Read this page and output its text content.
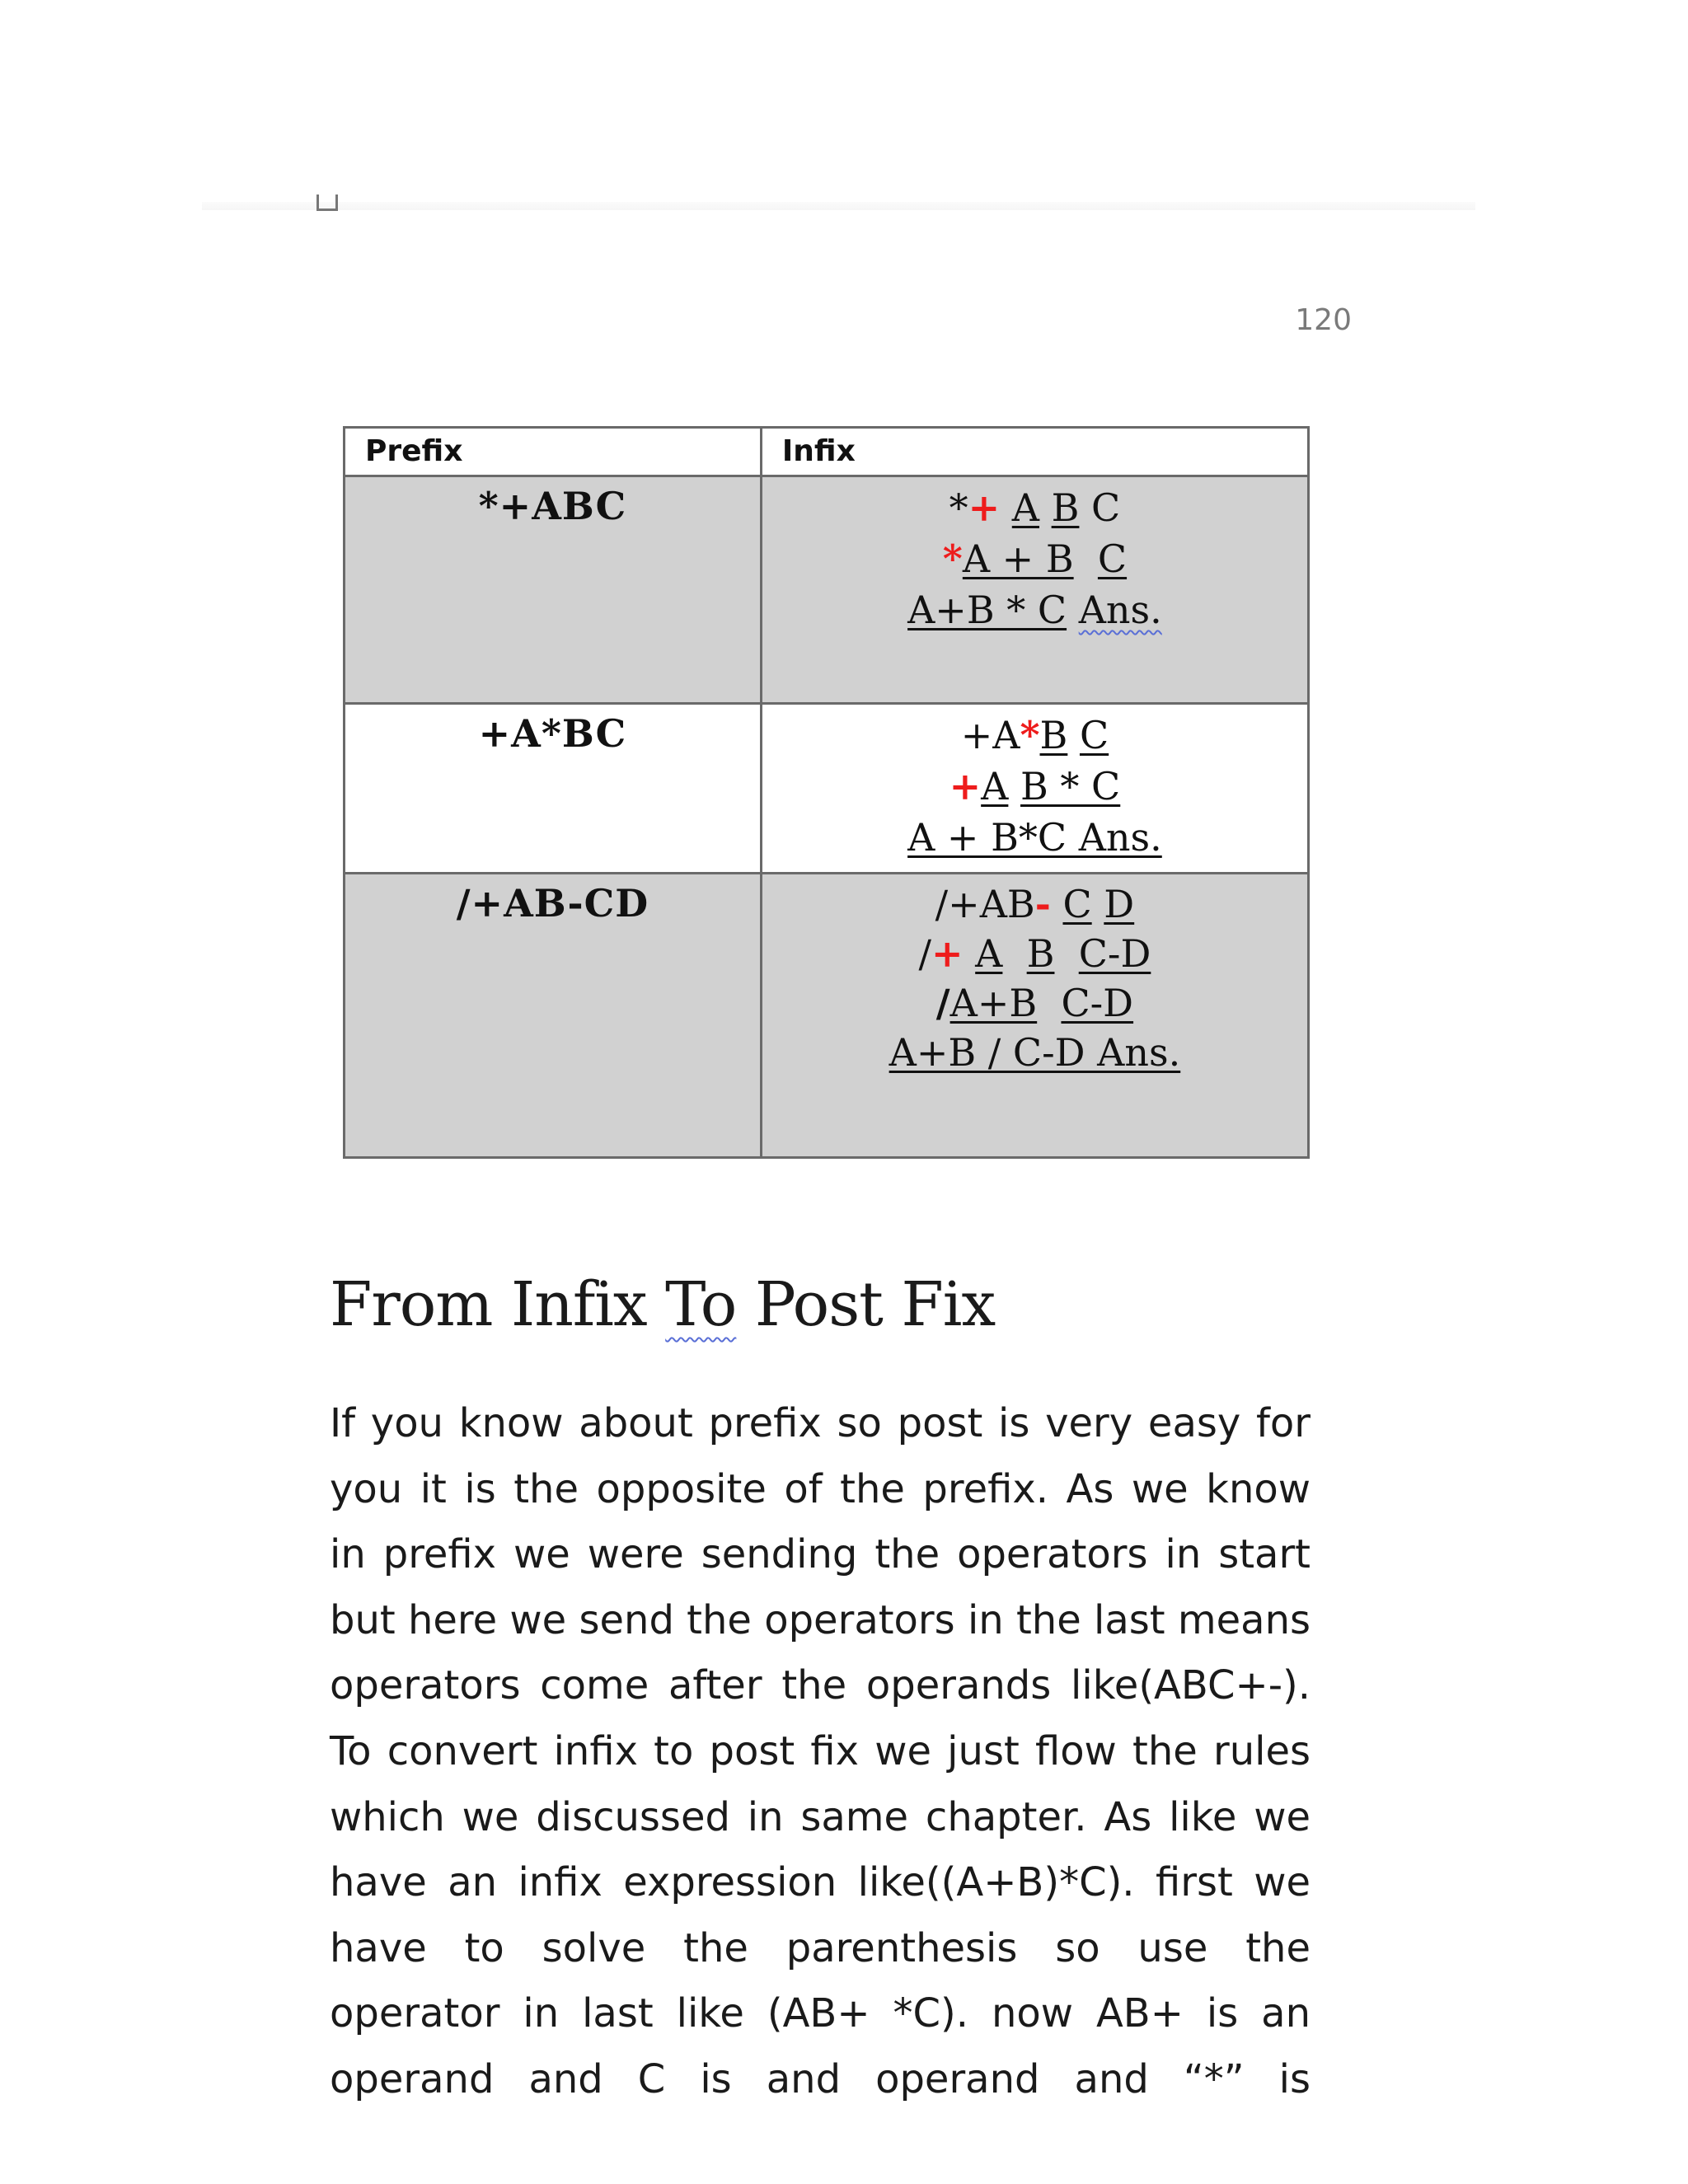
120
Prefix	Infix

*+ABC	*+ A B C
*A + B C
A+B * C Ans.

+A*BC	+A*B C
+A B * C
A + B*C Ans.

/+AB-CD	/+AB- C D
/+ A B C-D
/A+B C-D
A+B / C-D Ans.
From Infix To Post Fix
If you know about prefix so post is very easy for
you it is the opposite of the prefix. As we know
in prefix we were sending the operators in start
but here we send the operators in the last means
operators come after the operands like(ABC+-).
To convert infix to post fix we just flow the rules
which we discussed in same chapter. As like we
have an infix expression like((A+B)*C). first we
have to solve the parenthesis so use the
operator in last like (AB+ *C). now AB+ is an
operand and C is and operand and “*” is
